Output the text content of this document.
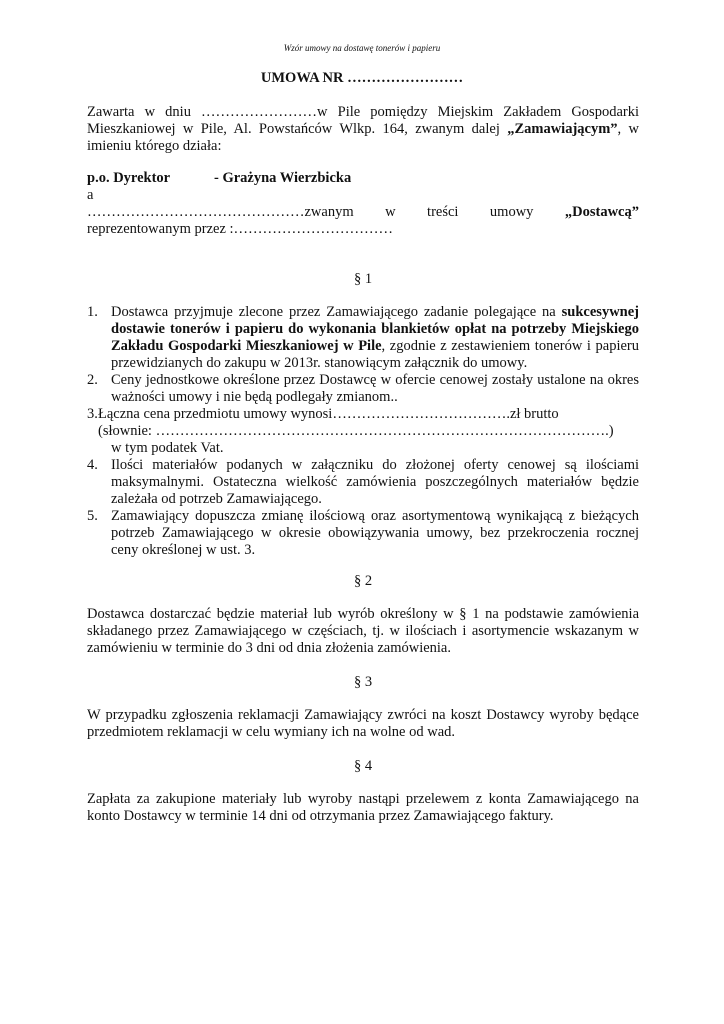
Wzór umowy na dostawę tonerów i papieru
UMOWA NR ……………………
Zawarta w dniu ……………………w Pile pomiędzy Miejskim Zakładem Gospodarki Mieszkaniowej w Pile, Al. Powstańców Wlkp. 164, zwanym dalej „Zamawiającym”, w imieniu którego działa:
p.o. Dyrektor	- Grażyna Wierzbicka
a
………………………………………zwanym w treści umowy „Dostawcą”
reprezentowanym przez :……………………………
§ 1
1. Dostawca przyjmuje zlecone przez Zamawiającego zadanie polegające na sukcesywnej dostawie tonerów i papieru do wykonania blankietów opłat na potrzeby Miejskiego Zakładu Gospodarki Mieszkaniowej w Pile, zgodnie z zestawieniem tonerów i papieru przewidzianych do zakupu w 2013r. stanowiącym załącznik do umowy.
2. Ceny jednostkowe określone przez Dostawcę w ofercie cenowej zostały ustalone na okres ważności umowy i nie będą podlegały zmianom..
3. Łączna cena przedmiotu umowy wynosi……………………………….zł brutto
(słownie: ………………………………………………………………………………….)
w tym podatek Vat.
4. Ilości materiałów podanych w załączniku do złożonej oferty cenowej są ilościami maksymalnymi. Ostateczna wielkość zamówienia poszczególnych materiałów będzie zależała od potrzeb Zamawiającego.
5. Zamawiający dopuszcza zmianę ilościową oraz asortymentową wynikającą z bieżących potrzeb Zamawiającego w okresie obowiązywania umowy, bez przekroczenia rocznej ceny określonej w ust. 3.
§ 2
Dostawca dostarczać będzie materiał lub wyrób określony w § 1 na podstawie zamówienia składanego przez Zamawiającego w częściach, tj. w ilościach i asortymencie wskazanym w zamówieniu w terminie do 3 dni od dnia złożenia zamówienia.
§ 3
W przypadku zgłoszenia reklamacji Zamawiający zwróci na koszt Dostawcy wyroby będące przedmiotem reklamacji w celu wymiany ich na wolne od wad.
§ 4
Zapłata za zakupione materiały lub wyroby nastąpi przelewem z konta Zamawiającego na konto Dostawcy w terminie 14 dni od otrzymania przez Zamawiającego faktury.
